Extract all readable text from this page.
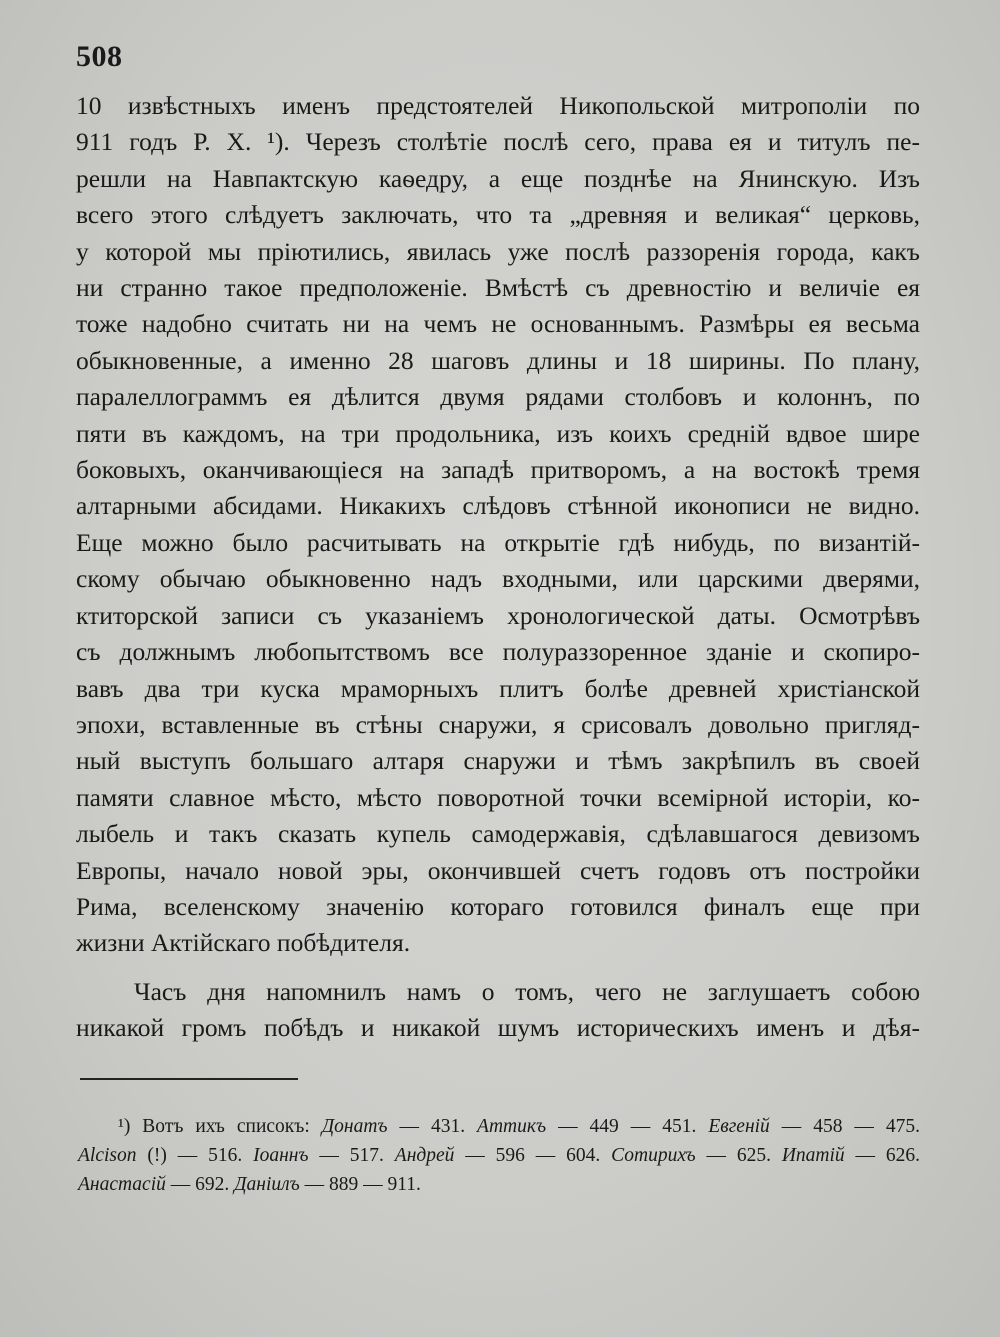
508
10 извѣстныхъ именъ предстоятелей Никопольской митрополіи по
911 годъ Р. Х. ¹). Черезъ столѣтіе послѣ сего, права ея и титулъ пе-
решли на Навпактскую каѳедру, а еще позднѣе на Янинскую. Изъ
всего этого слѣдуетъ заключать, что та „древняя и великая“ церковь,
у которой мы пріютились, явилась уже послѣ раззоренія города, какъ
ни странно такое предположеніе. Вмѣстѣ съ древностію и величіе ея
тоже надобно считать ни на чемъ не основаннымъ. Размѣры ея весьма
обыкновенные, а именно 28 шаговъ длины и 18 ширины. По плану,
паралеллограммъ ея дѣлится двумя рядами столбовъ и колоннъ, по
пяти въ каждомъ, на три продольника, изъ коихъ среднiй вдвое шире
боковыхъ, оканчивающіеся на западѣ притворомъ, а на востокѣ тремя
алтарными абсидами. Никакихъ слѣдовъ стѣнной иконописи не видно.
Еще можно было расчитывать на открытіе гдѣ нибудь, по византій-
скому обычаю обыкновенно надъ входными, или царскими дверями,
ктиторской записи съ указаніемъ хронологической даты. Осмотрѣвъ
съ должнымъ любопытствомъ все полураззоренное зданіе и скопиро-
вавъ два три куска мраморныхъ плитъ болѣе древней христіанской
эпохи, вставленные въ стѣны снаружи, я срисовалъ довольно пригляд-
ный выступъ большаго алтаря снаружи и тѣмъ закрѣпилъ въ своей
памяти славное мѣсто, мѣсто поворотной точки всемiрной исторіи, ко-
лыбель и такъ сказать купель самодержавія, сдѣлавшагося девизомъ
Европы, начало новой эры, окончившей счетъ годовъ отъ постройки
Рима, вселенскому значенію котораго готовился финалъ еще при
жизни Актійскаго побѣдителя.
Часъ дня напомнилъ намъ о томъ, чего не заглушаетъ собою
никакой громъ побѣдъ и никакой шумъ историческихъ именъ и дѣя-
¹) Вотъ ихъ списокъ: Донатъ — 431. Аттикъ — 449 — 451. Евгеній — 458 — 475.
Alcison (!) — 516. Іоаннъ — 517. Андрей — 596 — 604. Сотирихъ — 625. Ипатій — 626.
Анастасій — 692. Даніилъ — 889 — 911.
